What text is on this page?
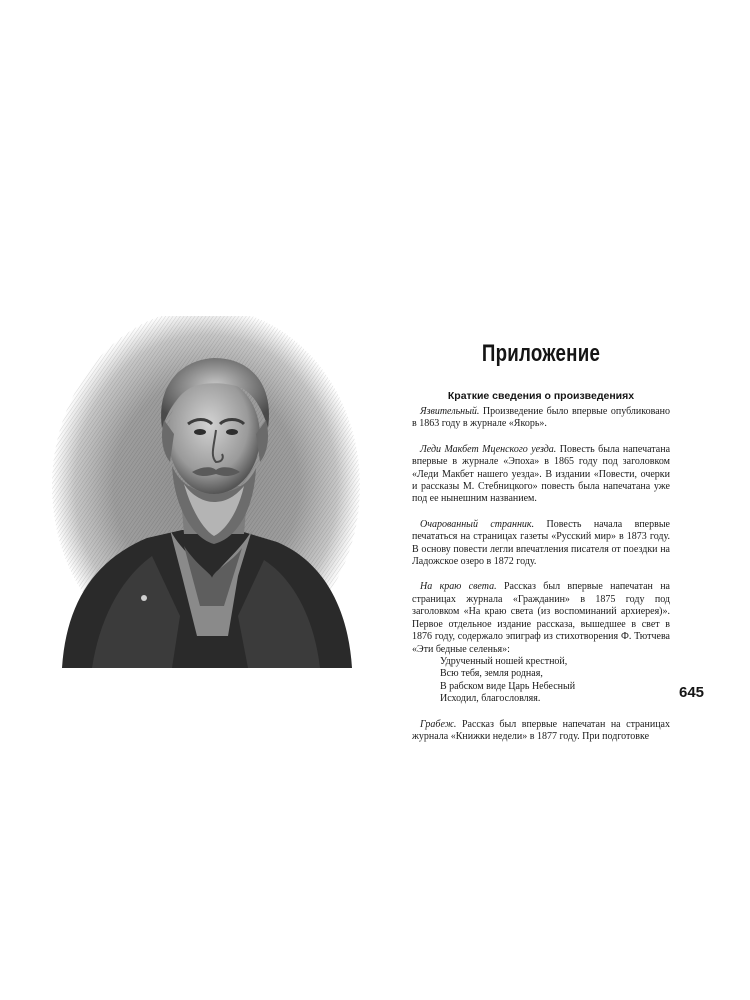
Приложение
Краткие сведения о произведениях

Язвительный. Произведение было впервые опубликовано в 1863 году в журнале «Якорь».

Леди Макбет Мценского уезда. Повесть была напечатана впервые в журнале «Эпоха» в 1865 году под заголовком «Леди Макбет нашего уезда». В издании «Повести, очерки и рассказы М. Стебницкого» повесть была напечатана уже под ее нынешним названием.

Очарованный странник. Повесть начала впервые печататься на страницах газеты «Русский мир» в 1873 году. В основу повести легли впечатления писателя от поездки на Ладожское озеро в 1872 году.

На краю света. Рассказ был впервые напечатан на страницах журнала «Гражданин» в 1875 году под заголовком «На краю света (из воспоминаний архиерея)». Первое отдельное издание рассказа, вышедшее в свет в 1876 году, содержало эпиграф из стихотворения Ф. Тютчева «Эти бедные селенья»:

Удрученный ношей крестной,
Всю тебя, земля родная,
В рабском виде Царь Небесный
Исходил, благословляя.

Грабеж. Рассказ был впервые напечатан на страницах журнала «Книжки недели» в 1877 году. При подготовке

645
